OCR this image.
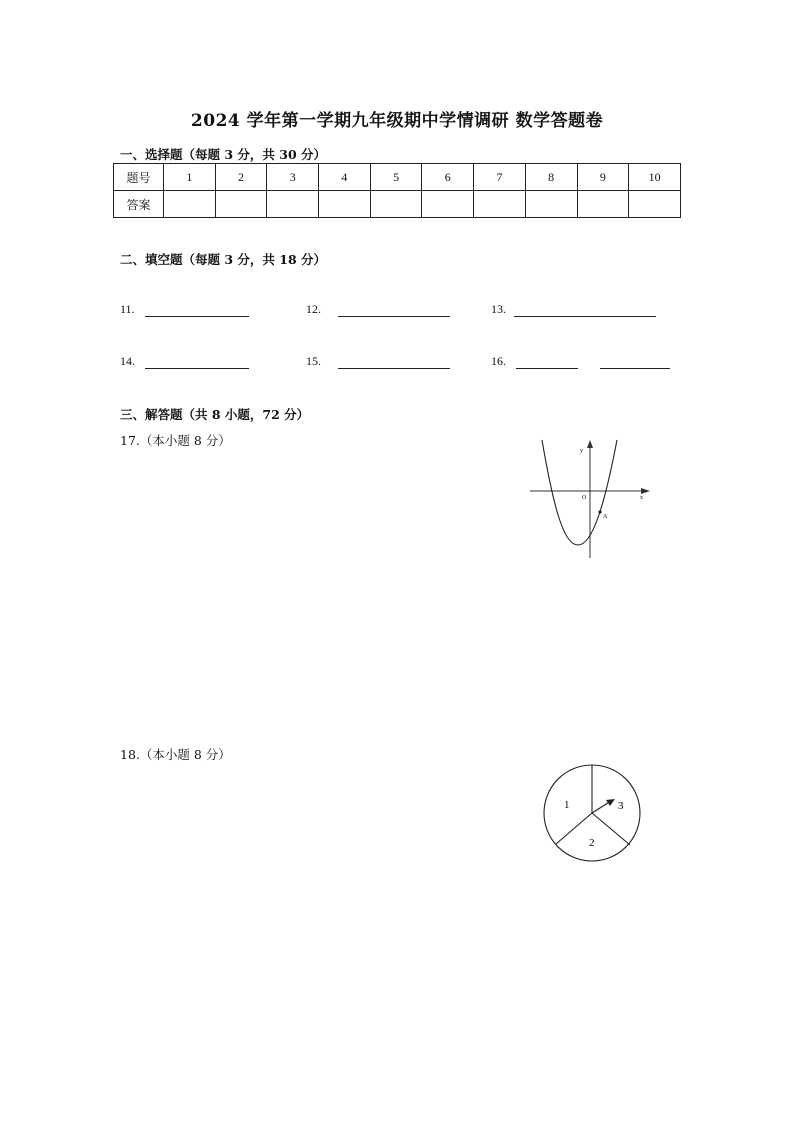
2024 学年第一学期九年级期中学情调研 数学答题卷
一、选择题（每题 3 分，共 30 分）
题号	1	2	3	4	5	6	7	8	9	10
答案										
二、填空题（每题 3 分，共 18 分）
11.	12.	13.
14.	15.	16.
三、解答题（共 8 小题，72 分）
17.（本小题 8 分）
y
x
O
A
18.（本小题 8 分）
1
2
3
